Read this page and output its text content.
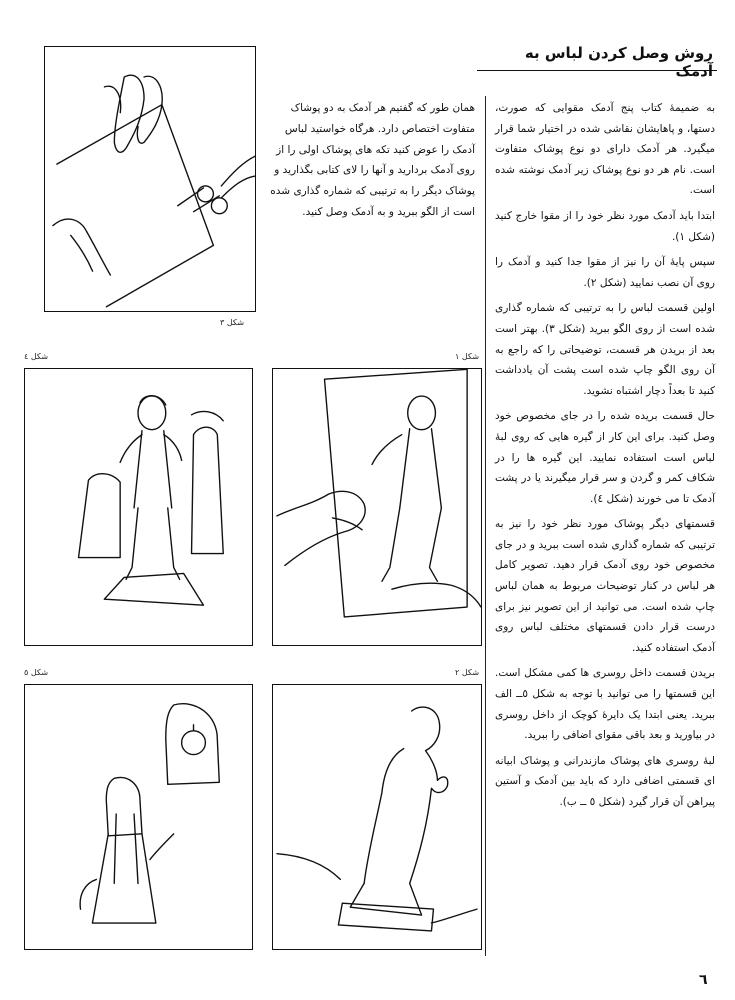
روش وصل کردن لباس به آدمک

به ضمیمهٔ کتاب پنج آدمک مقوایی که صورت، دستها، و پاهایشان نقاشی شده در اختیار شما قرار میگیرد. هر آدمک دارای دو نوع پوشاک متفاوت است. نام هر دو نوع پوشاک زیر آدمک نوشته شده است.

ابتدا باید آدمک مورد نظر خود را از مقوا خارج کنید (شکل ۱).

سپس پایهٔ آن را نیز از مقوا جدا کنید و آدمک را روی آن نصب نمایید (شکل ۲).

اولین قسمت لباس را به ترتیبی که شماره گذاری شده است از روی الگو ببرید (شکل ۳). بهتر است بعد از بریدن هر قسمت، توضیحاتی را که راجع به آن روی الگو چاپ شده است پشت آن یادداشت کنید تا بعداً دچار اشتباه نشوید.

حال قسمت بریده شده را در جای مخصوص خود وصل کنید. برای این کار از گیره هایی که روی لبهٔ لباس است استفاده نمایید. این گیره ها را در شکاف کمر و گردن و سر قرار میگیرند یا در پشت آدمک تا می خورند (شکل ٤).

قسمتهای دیگر پوشاک مورد نظر خود را نیز به ترتیبی که شماره گذاری شده است ببرید و در جای مخصوص خود روی آدمک قرار دهید. تصویر کامل هر لباس در کنار توضیحات مربوط به همان لباس چاپ شده است. می توانید از این تصویر نیز برای درست قرار دادن قسمتهای مختلف لباس روی آدمک استفاده کنید.

بریدن قسمت داخل روسری ها کمی مشکل است. این قسمتها را می توانید با توجه به شکل ٥ــ الف ببرید. یعنی ابتدا یک دایرهٔ کوچک از داخل روسری در بیاورید و بعد باقی مقوای اضافی را ببرید.

لبهٔ روسری های پوشاک مازندرانی و پوشاک ابیانه ای قسمتی اضافی دارد که باید بین آدمک و آستین پیراهن آن قرار گیرد (شکل ٥ ــ ب).

همان طور که گفتیم هر آدمک به دو پوشاک متفاوت اختصاص دارد. هرگاه خواستید لباس آدمک را عوض کنید تکه های پوشاک اولی را از روی آدمک بردارید و آنها را لای کتابی بگذارید و پوشاک دیگر را به ترتیبی که شماره گذاری شده است از الگو ببرید و به آدمک وصل کنید.
شکل ۳
شکل ٤	شکل ۱
شکل ٥	شکل ۲
٦
